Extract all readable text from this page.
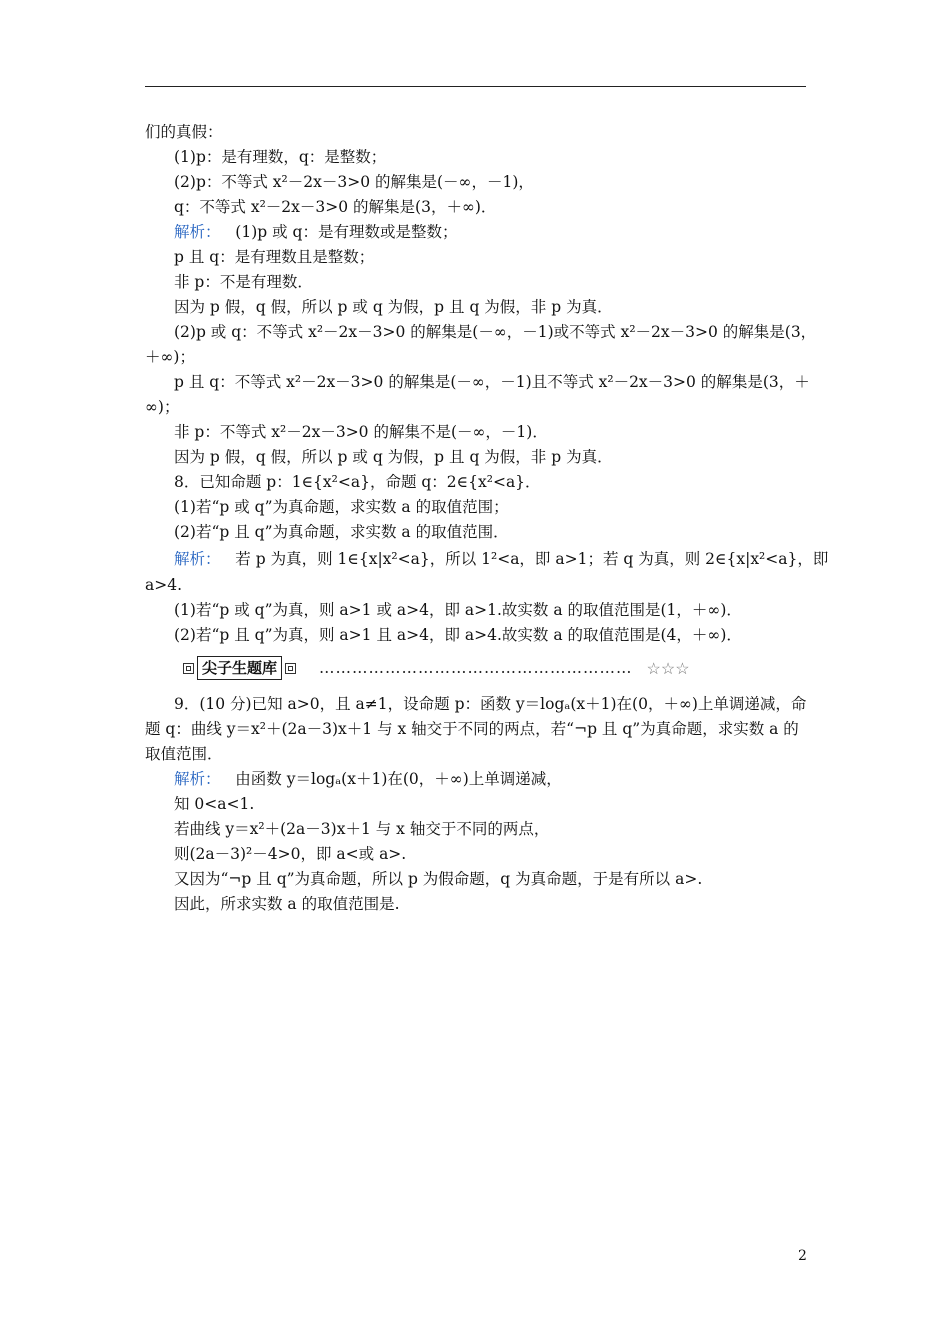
们的真假：
(1)p：是有理数，q：是整数；
(2)p：不等式 x²－2x－3>0 的解集是(－∞，－1)，
q：不等式 x²－2x－3>0 的解集是(3，＋∞)．
解析： (1)p 或 q：是有理数或是整数；
p 且 q：是有理数且是整数；
非 p：不是有理数．
因为 p 假，q 假，所以 p 或 q 为假，p 且 q 为假，非 p 为真．
(2)p 或 q：不等式 x²－2x－3>0 的解集是(－∞，－1)或不等式 x²－2x－3>0 的解集是(3，
＋∞)；
p 且 q：不等式 x²－2x－3>0 的解集是(－∞，－1)且不等式 x²－2x－3>0 的解集是(3，＋
∞)；
非 p：不等式 x²－2x－3>0 的解集不是(－∞，－1)．
因为 p 假，q 假，所以 p 或 q 为假，p 且 q 为假，非 p 为真．
8．已知命题 p：1∈{x²<a}，命题 q：2∈{x²<a}．
(1)若“p 或 q”为真命题，求实数 a 的取值范围；
(2)若“p 且 q”为真命题，求实数 a 的取值范围．
解析： 若 p 为真，则 1∈{x|x²<a}，所以 1²<a，即 a>1；若 q 为真，则 2∈{x|x²<a}，即
a>4.
(1)若“p 或 q”为真，则 a>1 或 a>4，即 a>1.故实数 a 的取值范围是(1，＋∞)．
(2)若“p 且 q”为真，则 a>1 且 a>4，即 a>4.故实数 a 的取值范围是(4，＋∞)．
尖子生题库	………………………………………………… ☆☆☆
9．(10 分)已知 a>0，且 a≠1，设命题 p：函数 y＝logₐ(x＋1)在(0，＋∞)上单调递减，命
题 q：曲线 y＝x²＋(2a－3)x＋1 与 x 轴交于不同的两点，若“¬p 且 q”为真命题，求实数 a 的
取值范围．
解析： 由函数 y＝logₐ(x＋1)在(0，＋∞)上单调递减，
知 0<a<1.
若曲线 y＝x²＋(2a－3)x＋1 与 x 轴交于不同的两点，
则(2a－3)²－4>0，即 a<或 a>.
又因为“¬p 且 q”为真命题，所以 p 为假命题，q 为真命题，于是有所以 a>.
因此，所求实数 a 的取值范围是.
2
